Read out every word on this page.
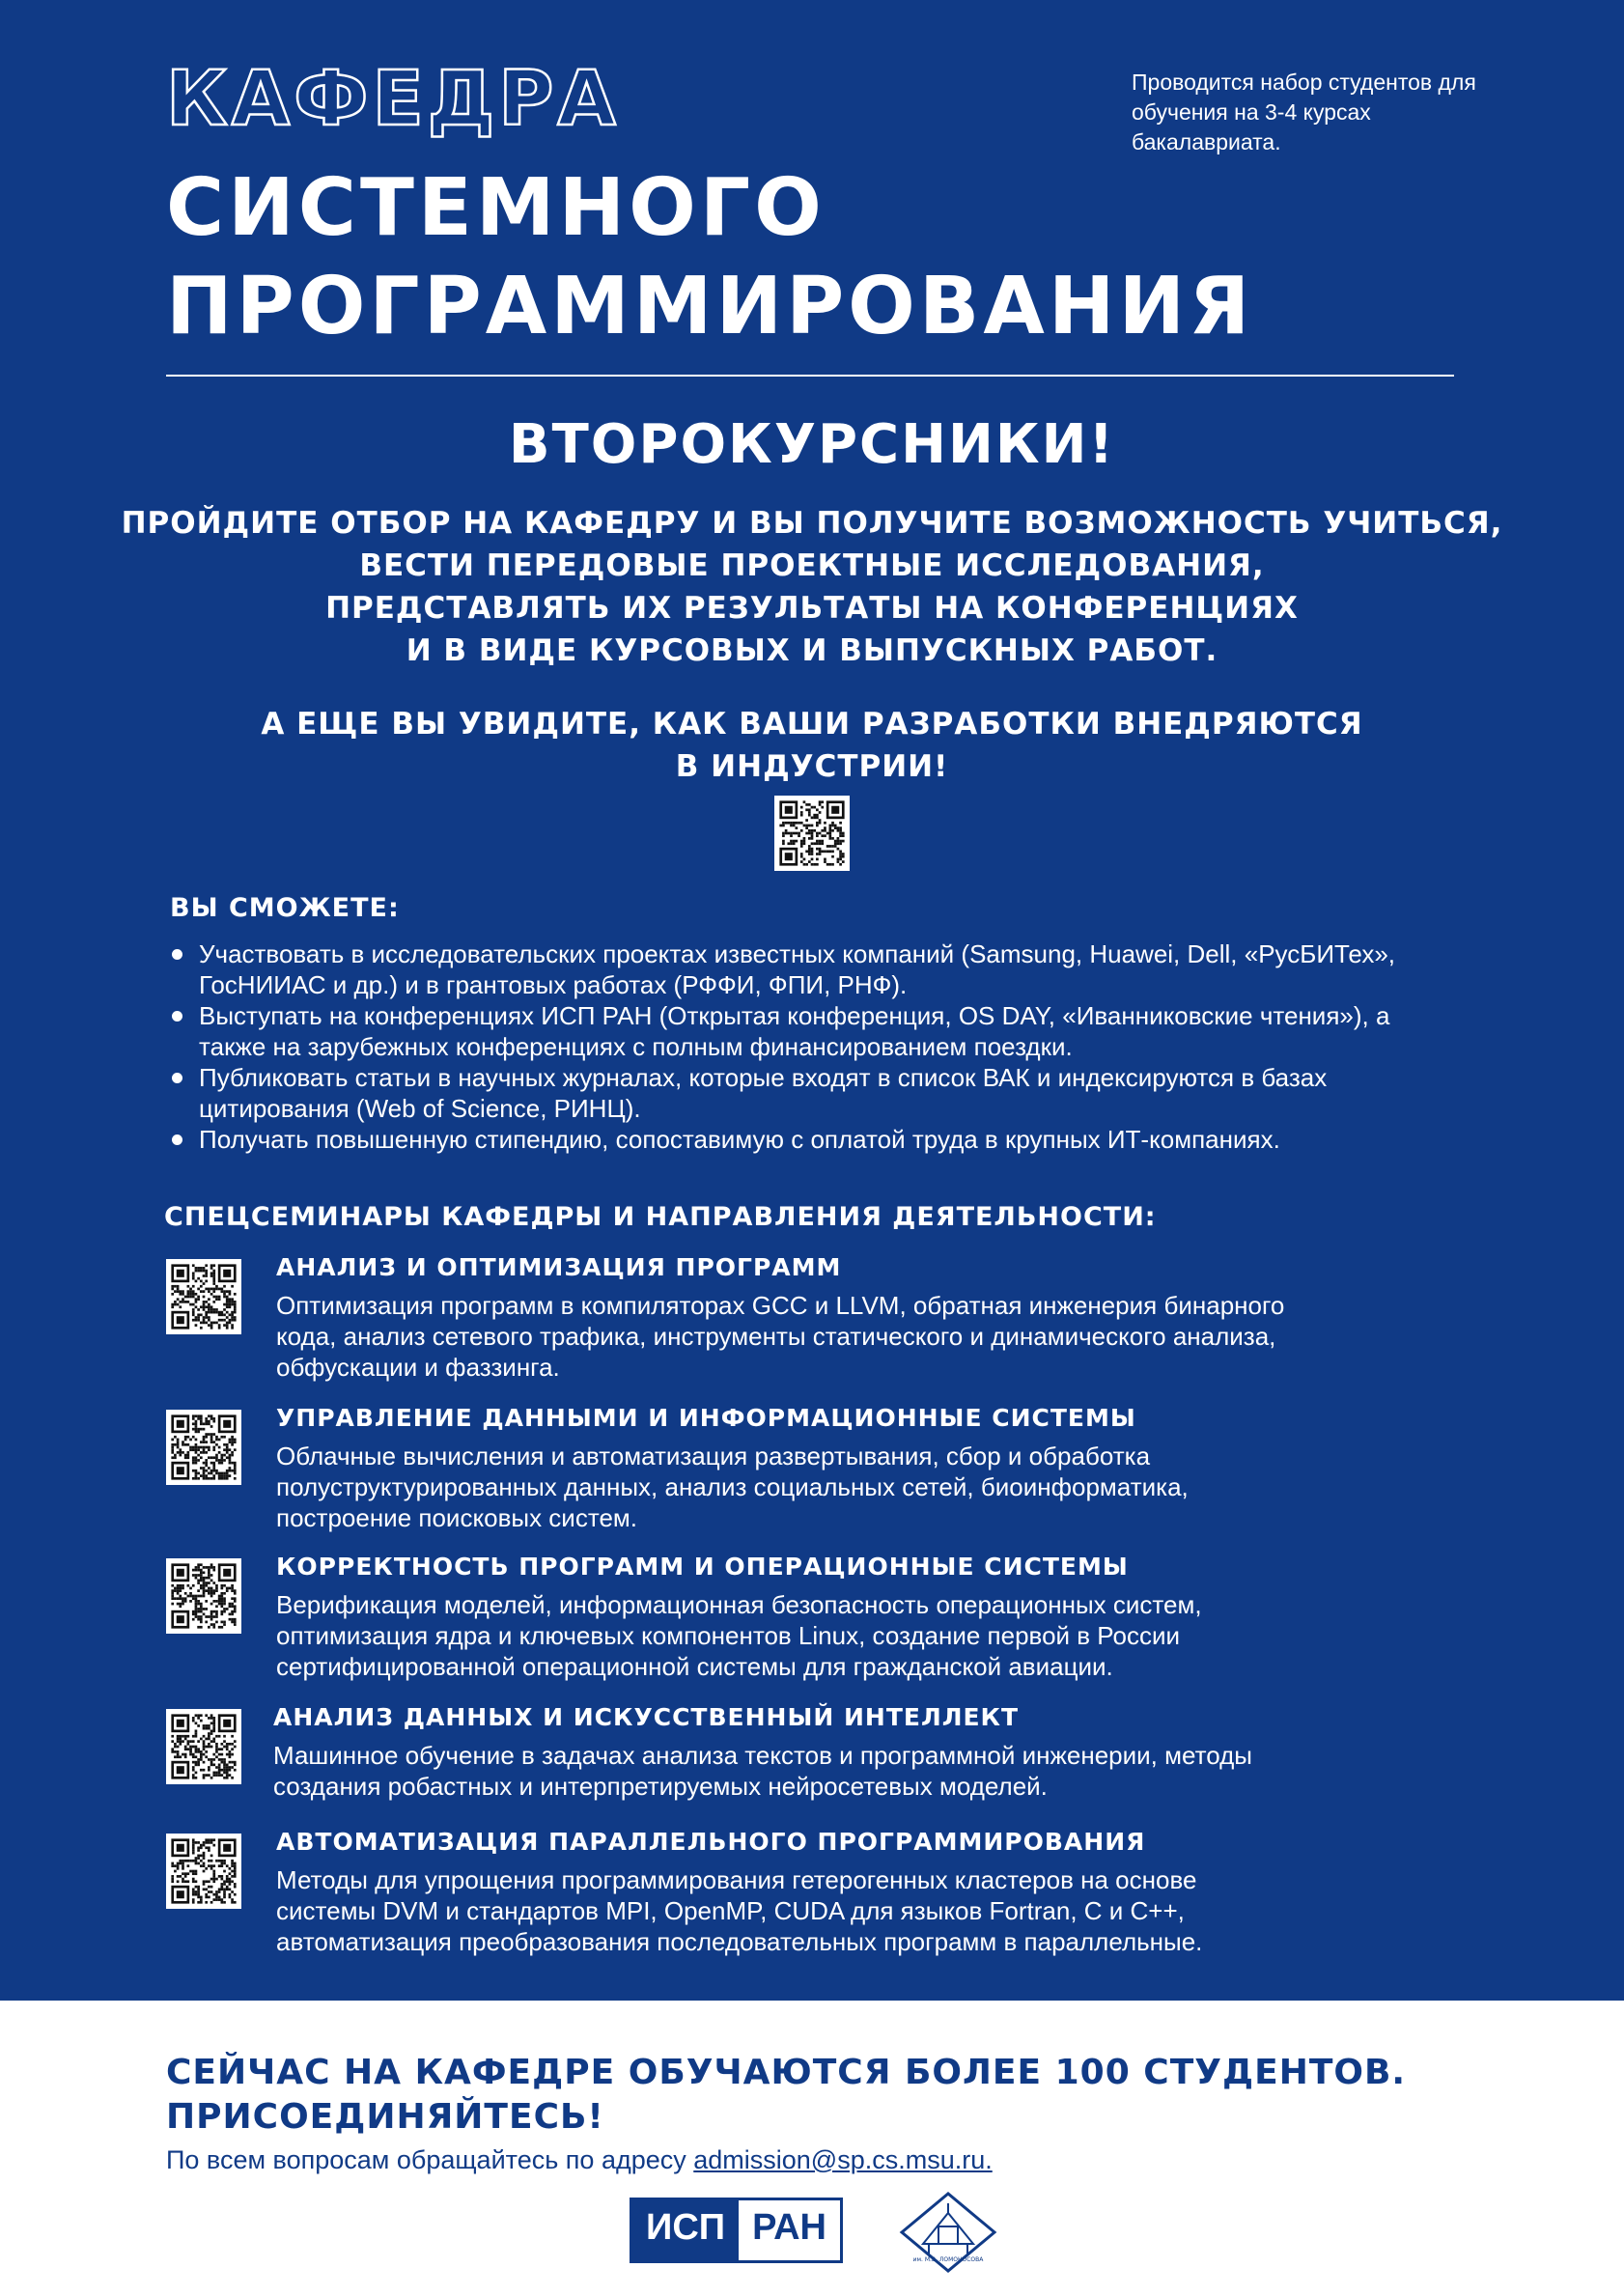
КАФЕДРА
СИСТЕМНОГО
ПРОГРАММИРОВАНИЯ
Проводится набор студентов для обучения на 3-4 курсах бакалавриата.
ВТОРОКУРСНИКИ!
ПРОЙДИТЕ ОТБОР НА КАФЕДРУ И ВЫ ПОЛУЧИТЕ ВОЗМОЖНОСТЬ УЧИТЬСЯ,
ВЕСТИ ПЕРЕДОВЫЕ ПРОЕКТНЫЕ ИССЛЕДОВАНИЯ,
ПРЕДСТАВЛЯТЬ ИХ РЕЗУЛЬТАТЫ НА КОНФЕРЕНЦИЯХ
И В ВИДЕ КУРСОВЫХ И ВЫПУСКНЫХ РАБОТ.
А ЕЩЕ ВЫ УВИДИТЕ, КАК ВАШИ РАЗРАБОТКИ ВНЕДРЯЮТСЯ
В ИНДУСТРИИ!
ВЫ СМОЖЕТЕ:
Участвовать в исследовательских проектах известных компаний (Samsung, Huawei, Dell, «РусБИТех», ГосНИИАС и др.) и в грантовых работах (РФФИ, ФПИ, РНФ).
Выступать на конференциях ИСП РАН (Открытая конференция, OS DAY, «Иванниковские чтения»), а также на зарубежных конференциях с полным финансированием поездки.
Публиковать статьи в научных журналах, которые входят в список ВАК и индексируются в базах цитирования (Web of Science, РИНЦ).
Получать повышенную стипендию, сопоставимую с оплатой труда в крупных ИТ-компаниях.
СПЕЦСЕМИНАРЫ КАФЕДРЫ И НАПРАВЛЕНИЯ ДЕЯТЕЛЬНОСТИ:
АНАЛИЗ И ОПТИМИЗАЦИЯ ПРОГРАММ
Оптимизация программ в компиляторах GCC и LLVM, обратная инженерия бинарного
кода, анализ сетевого трафика, инструменты статического и динамического анализа,
обфускации и фаззинга.
УПРАВЛЕНИЕ ДАННЫМИ И ИНФОРМАЦИОННЫЕ СИСТЕМЫ
Облачные вычисления и автоматизация развертывания, сбор и обработка
полуструктурированных данных, анализ социальных сетей, биоинформатика,
построение поисковых систем.
КОРРЕКТНОСТЬ ПРОГРАММ И ОПЕРАЦИОННЫЕ СИСТЕМЫ
Верификация моделей, информационная безопасность операционных систем,
оптимизация ядра и ключевых компонентов Linux, создание первой в России
сертифицированной операционной системы для гражданской авиации.
АНАЛИЗ ДАННЫХ И ИСКУССТВЕННЫЙ ИНТЕЛЛЕКТ
Машинное обучение в задачах анализа текстов и программной инженерии, методы
создания робастных и интерпретируемых нейросетевых моделей.
АВТОМАТИЗАЦИЯ ПАРАЛЛЕЛЬНОГО ПРОГРАММИРОВАНИЯ
Методы для упрощения программирования гетерогенных кластеров на основе
системы DVM и стандартов MPI, OpenMP, CUDA для языков Fortran, C и C++,
автоматизация преобразования последовательных программ в параллельные.
СЕЙЧАС НА КАФЕДРЕ ОБУЧАЮТСЯ БОЛЕЕ 100 СТУДЕНТОВ.
ПРИСОЕДИНЯЙТЕСЬ!
По всем вопросам обращайтесь по адресу admission@sp.cs.msu.ru.
ИСП РАН
им. М.В. ЛОМОНОСОВА
